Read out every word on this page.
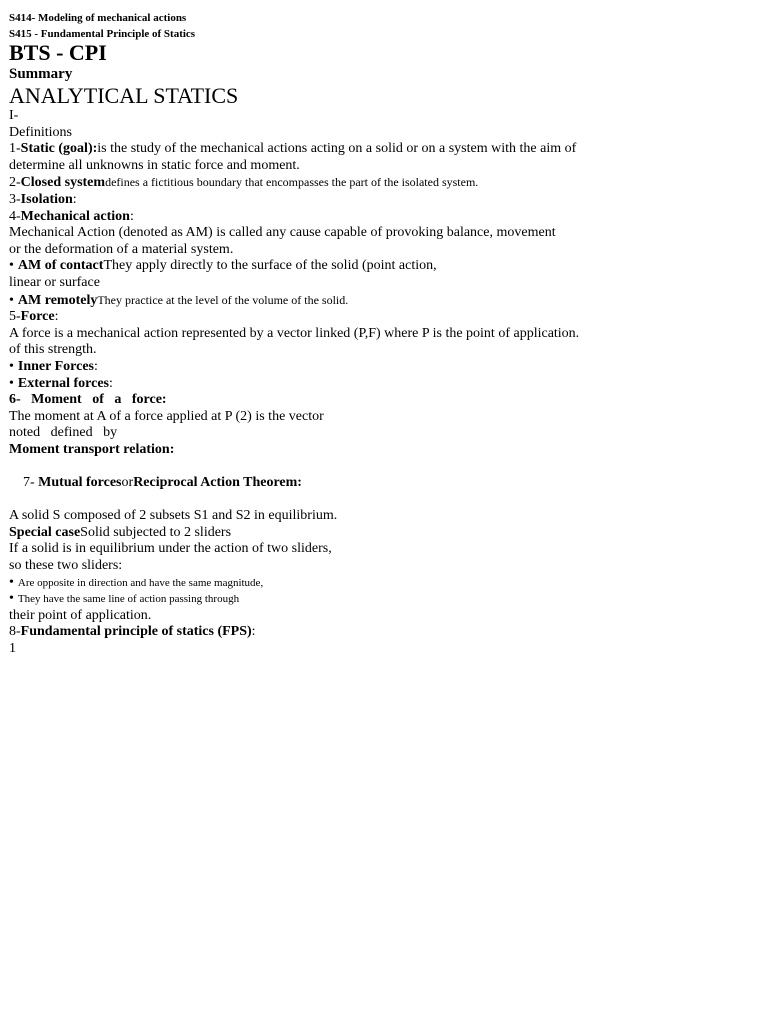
S414- Modeling of mechanical actions
S415 - Fundamental Principle of Statics
BTS - CPI
Summary
ANALYTICAL STATICS
I-
Definitions
1-Static (goal):is the study of the mechanical actions acting on a solid or on a system with the aim of
determine all unknowns in static force and moment.
2-Closed systemdefines a fictitious boundary that encompasses the part of the isolated system.
3-Isolation:
4-Mechanical action:
Mechanical Action (denoted as AM) is called any cause capable of provoking balance, movement
or the deformation of a material system.
• AM of contactThey apply directly to the surface of the solid (point action,
linear or surface
• AM remotelyThey practice at the level of the volume of the solid.
5-Force:
A force is a mechanical action represented by a vector linked (P,F) where P is the point of application.
of this strength.
• Inner Forces:
• External forces:
6-   Moment   of   a   force:
The moment at A of a force applied at P (2) is the vector
noted   defined   by
Moment transport relation:

7- Mutual forcesorReciprocal Action Theorem:

A solid S composed of 2 subsets S1 and S2 in equilibrium.
Special caseSolid subjected to 2 sliders
If a solid is in equilibrium under the action of two sliders,
so these two sliders:
• Are opposite in direction and have the same magnitude,
• They have the same line of action passing through
their point of application.
8-Fundamental principle of statics (FPS):
1
